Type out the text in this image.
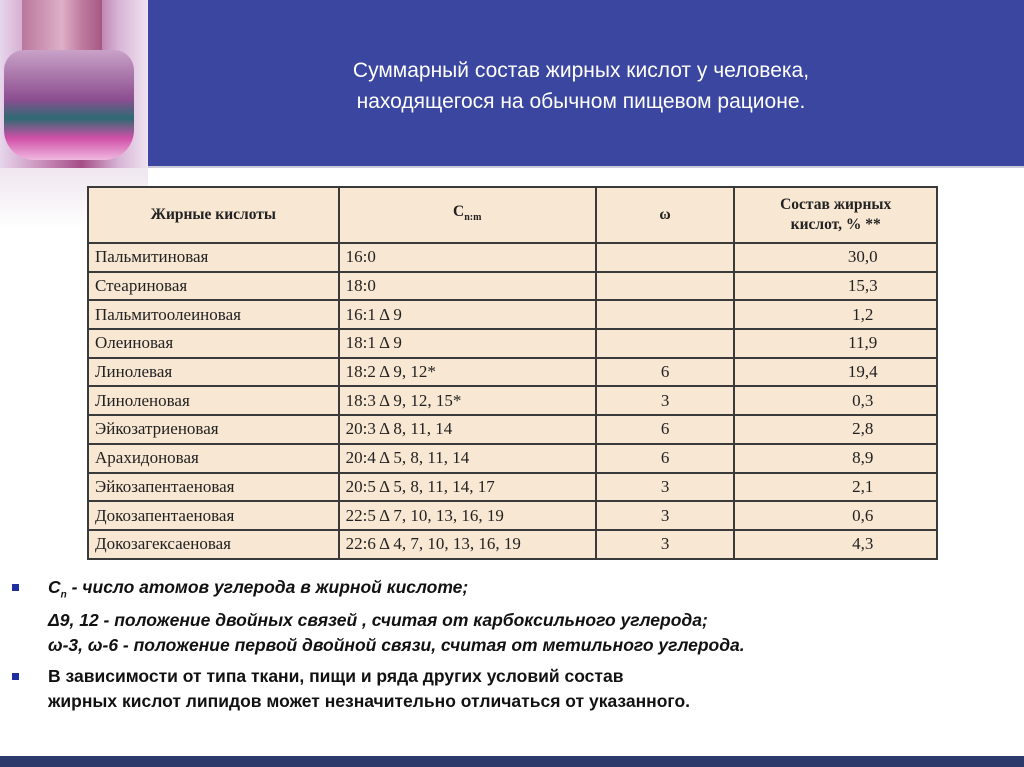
Суммарный состав жирных кислот у человека,
находящегося на обычном пищевом рационе.
Жирные кислоты	$C_{n:m}$	ω	Состав жирных кислот, % **
Пальмитиновая	16:0		30,0
Стеариновая	18:0		15,3
Пальмитоолеиновая	16:1 Δ 9		1,2
Олеиновая	18:1 Δ 9		11,9
Линолевая	18:2 Δ 9, 12*	6	19,4
Линоленовая	18:3 Δ 9, 12, 15*	3	0,3
Эйкозатриеновая	20:3 Δ 8, 11, 14	6	2,8
Арахидоновая	20:4 Δ 5, 8, 11, 14	6	8,9
Эйкозапентаеновая	20:5 Δ 5, 8, 11, 14, 17	3	2,1
Докозапентаеновая	22:5 Δ 7, 10, 13, 16, 19	3	0,6
Докозагексаеновая	22:6 Δ 4, 7, 10, 13, 16, 19	3	4,3
$C_n$ - число атомов углерода в жирной кислоте;
Δ9, 12 - положение двойных связей , считая от карбоксильного углерода;
ω-3, ω-6 - положение первой двойной связи, считая от метильного углерода.
В зависимости от типа ткани, пищи и ряда других условий состав
жирных кислот липидов может незначительно отличаться от указанного.
